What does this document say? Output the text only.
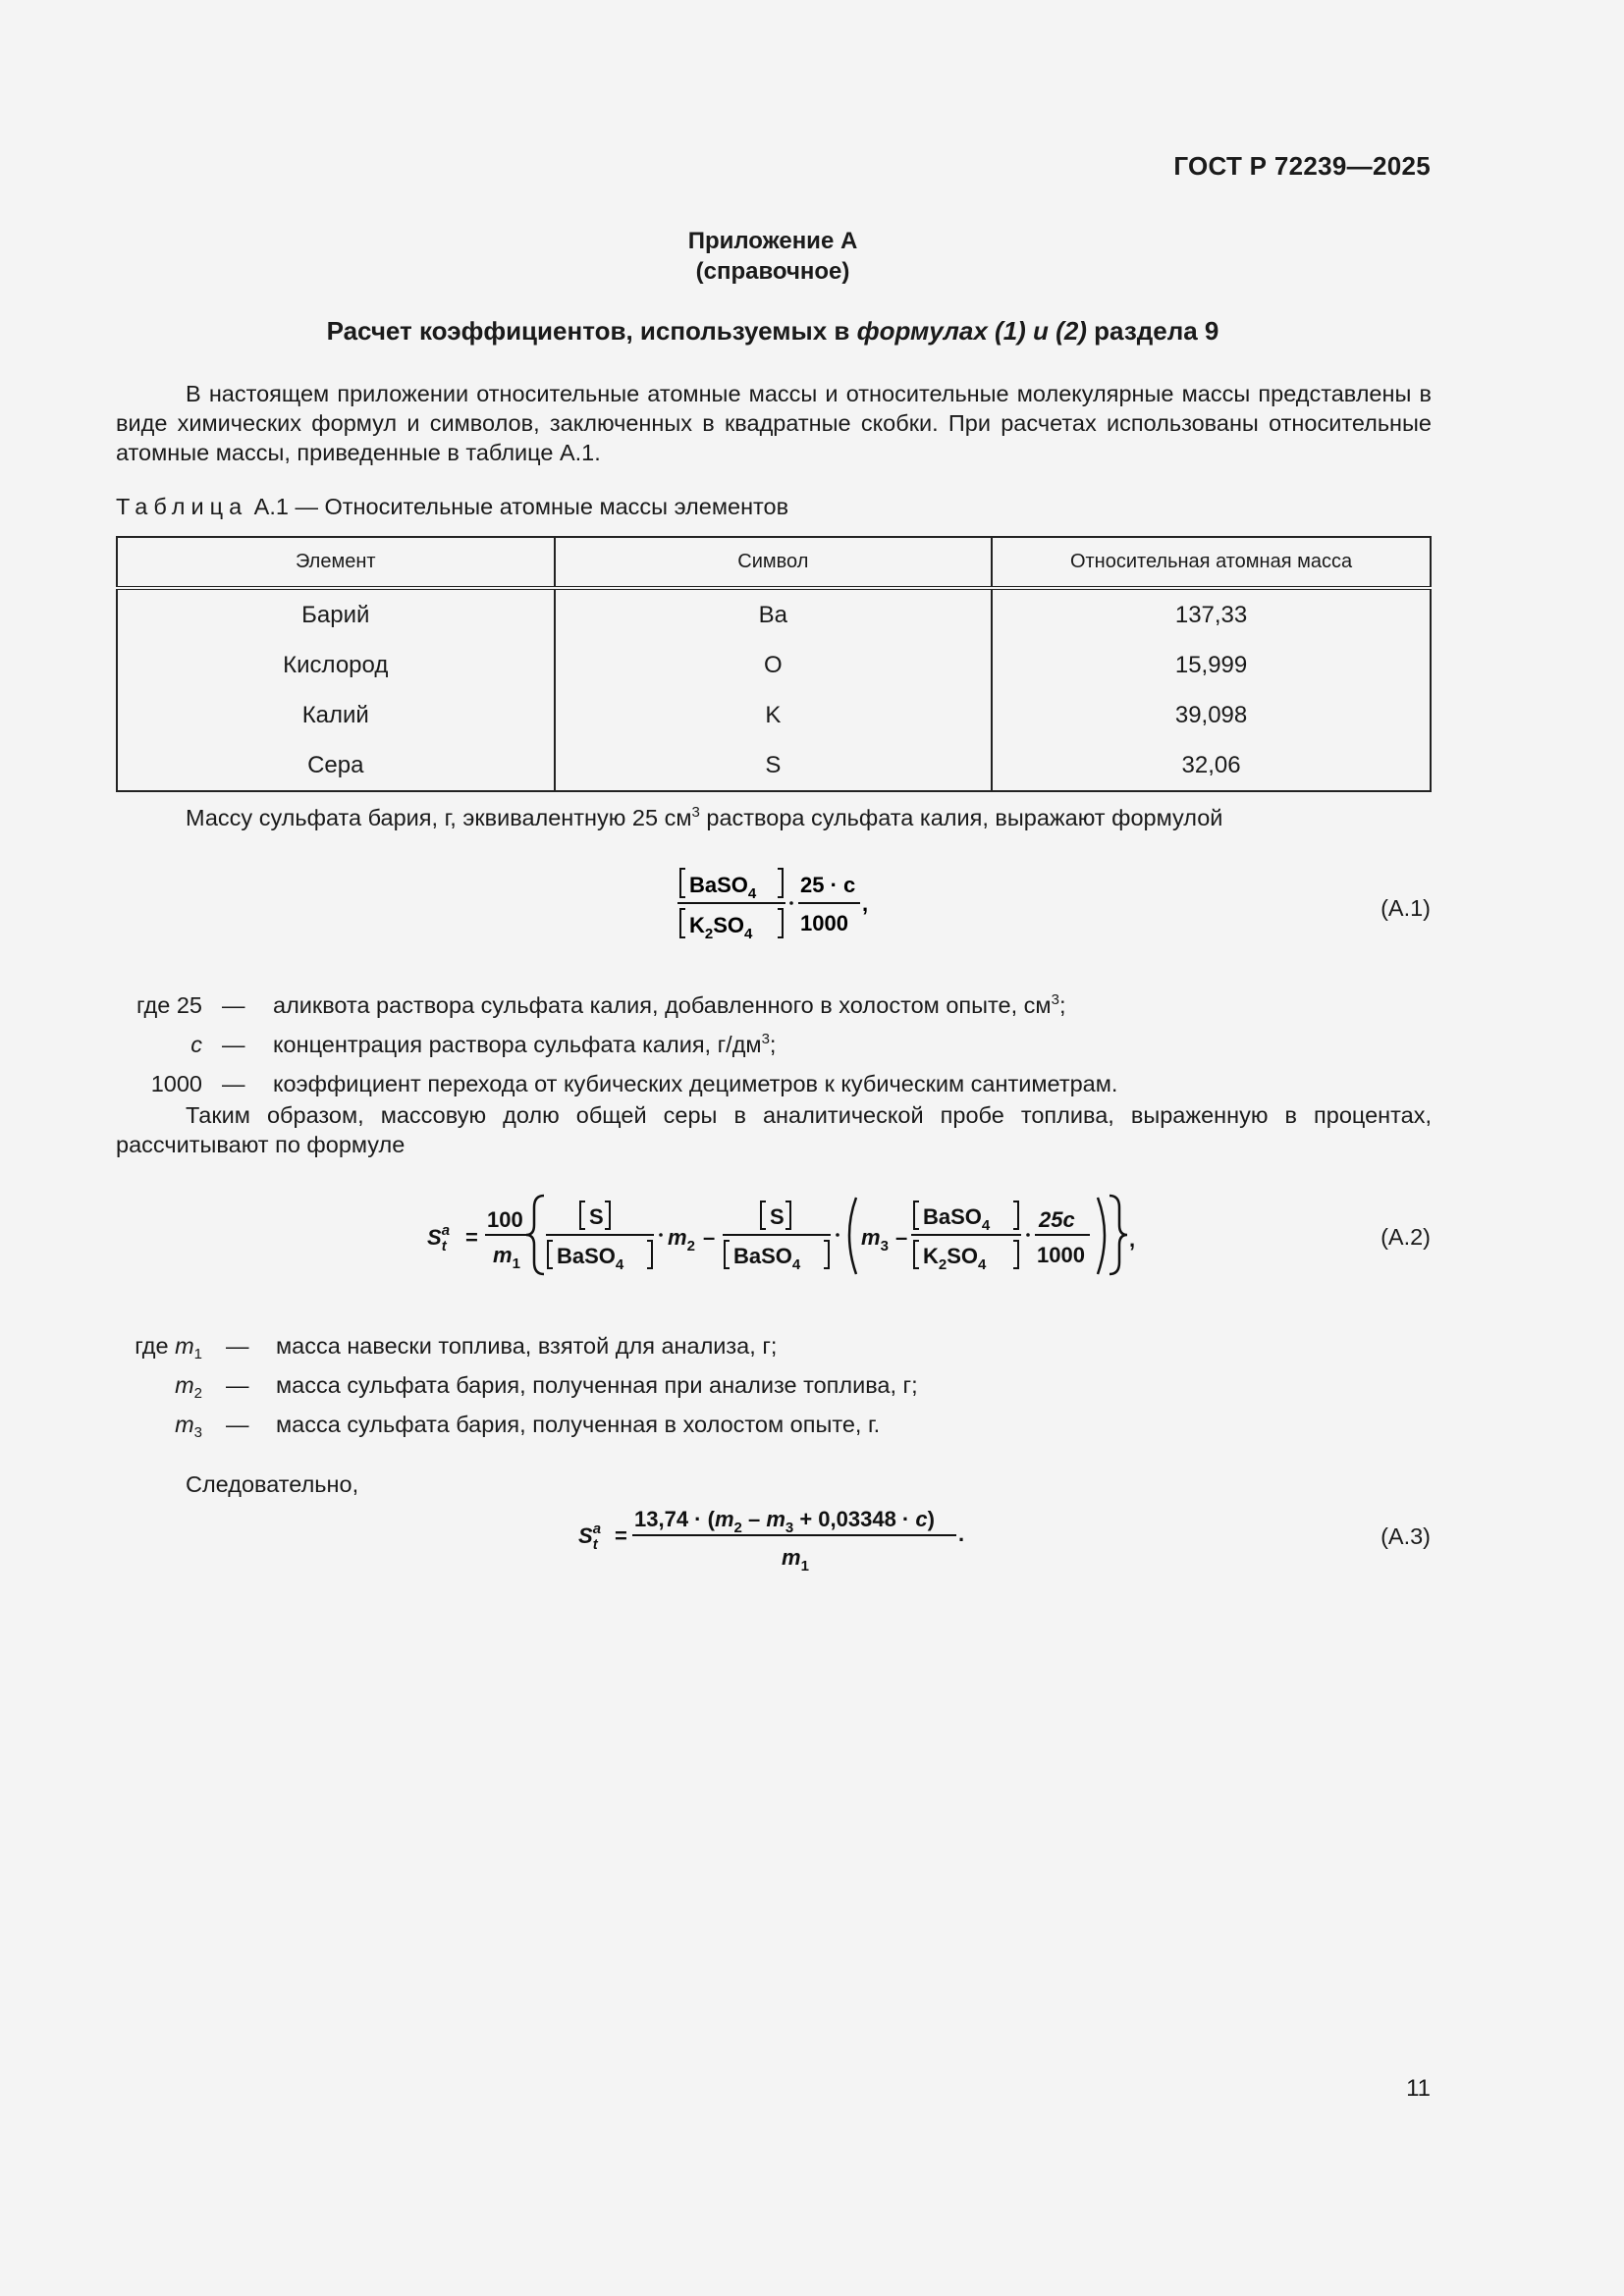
ГОСТ Р 72239—2025
Приложение А
(справочное)
Расчет коэффициентов, используемых в формулах (1) и (2) раздела 9
В настоящем приложении относительные атомные массы и относительные молекулярные массы представлены в виде химических формул и символов, заключенных в квадратные скобки. При расчетах использованы относительные атомные массы, приведенные в таблице А.1.
Таблица А.1 — Относительные атомные массы элементов
Элемент	Символ	Относительная атомная масса
Барий	Ba	137,33
Кислород	O	15,999
Калий	K	39,098
Сера	S	32,06
Массу сульфата бария, г, эквивалентную 25 $см^3$ раствора сульфата калия, выражают формулой
BaSO$_4$
$K_2SO_4$
25 · c
1000
,	(A.1)
где 25 — аликвота раствора сульфата калия, добавленного в холостом опыте, $см^3$;
c — концентрация раствора сульфата калия, $г/дм^3$;
1000 — коэффициент перехода от кубических дециметров к кубическим сантиметрам.
Таким образом, массовую долю общей серы в аналитической пробе топлива, выраженную в процентах, рассчитывают по формуле
$S_ta$ =
100
$m_1$
S
BaSO$_4$
$m_2$ –
S
BaSO$_4$
$m_3$ –
BaSO$_4$
$K_2SO_4$
25c
1000
,	(A.2)
где $m_1$ — масса навески топлива, взятой для анализа, г;
$m_2$ — масса сульфата бария, полученная при анализе топлива, г;
$m_3$ — масса сульфата бария, полученная в холостом опыте, г.
Следовательно,
$S_ta$ =
$13,74 \cdot (m_2 - m_3 + 0,03348 \cdot c)$
$m_1$
.	(A.3)
11
